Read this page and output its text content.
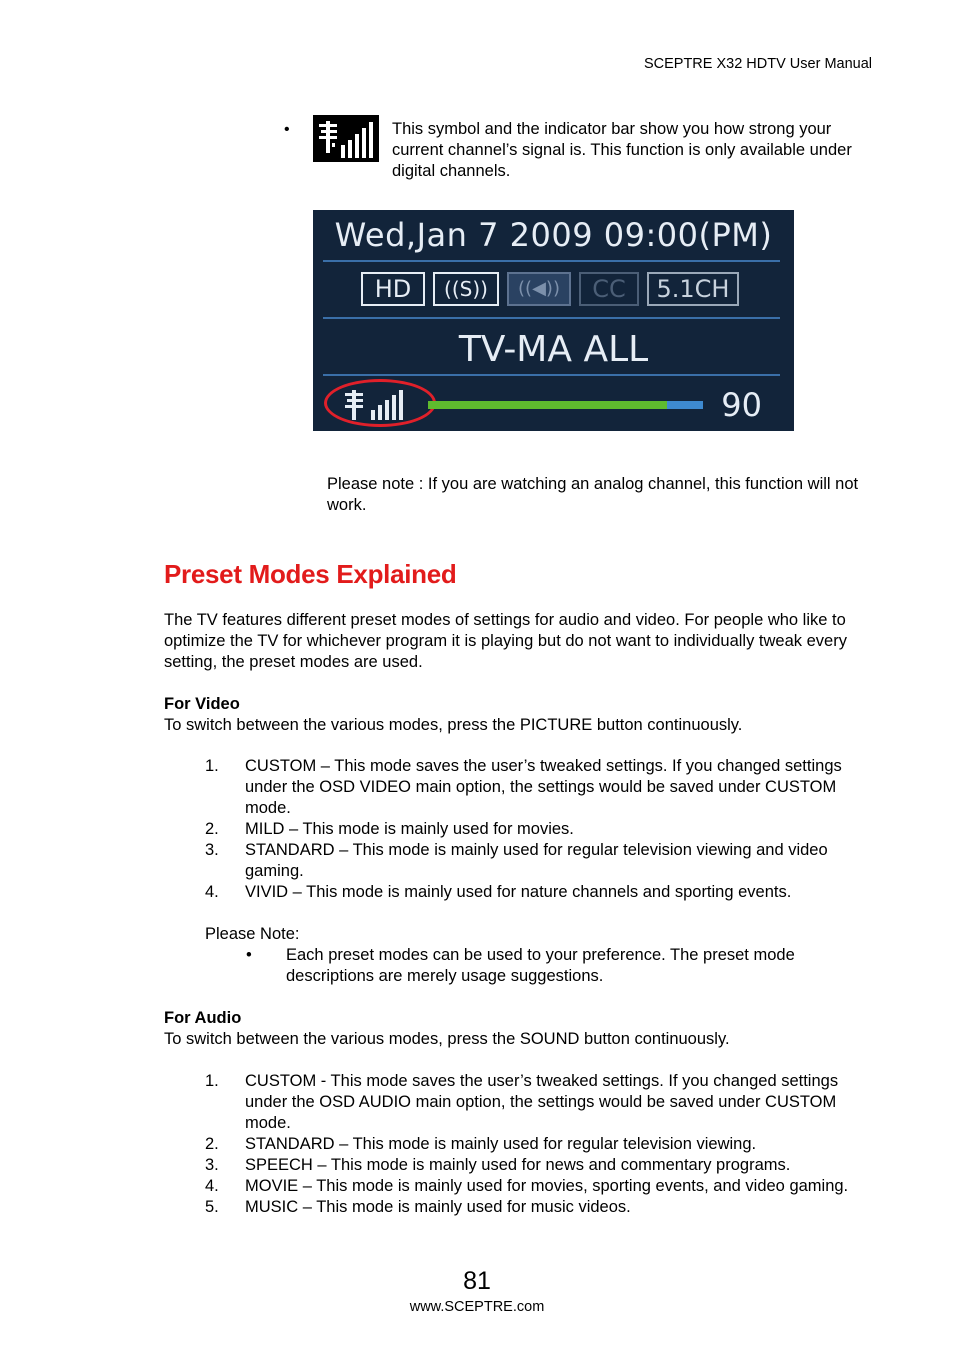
SCEPTRE X32 HDTV User Manual
•	This symbol and the indicator bar show you how strong your current channel’s signal is. This function is only available under digital channels.
Wed,Jan 7 2009 09:00(PM)
HD	((S))	((◀))	CC	5.1CH
TV-MA ALL
90
Please note : If you are watching an analog channel, this function will not work.
Preset Modes Explained
The TV features different preset modes of settings for audio and video. For people who like to optimize the TV for whichever program it is playing but do not want to individually tweak every setting, the preset modes are used.
For Video
To switch between the various modes, press the PICTURE button continuously.
1. CUSTOM – This mode saves the user’s tweaked settings. If you changed settings under the OSD VIDEO main option, the settings would be saved under CUSTOM mode.
2. MILD – This mode is mainly used for movies.
3. STANDARD – This mode is mainly used for regular television viewing and video gaming.
4. VIVID – This mode is mainly used for nature channels and sporting events.
Please Note:
•	Each preset modes can be used to your preference. The preset mode descriptions are merely usage suggestions.
For Audio
To switch between the various modes, press the SOUND button continuously.
1. CUSTOM - This mode saves the user’s tweaked settings. If you changed settings under the OSD AUDIO main option, the settings would be saved under CUSTOM mode.
2. STANDARD – This mode is mainly used for regular television viewing.
3. SPEECH – This mode is mainly used for news and commentary programs.
4. MOVIE – This mode is mainly used for movies, sporting events, and video gaming.
5. MUSIC – This mode is mainly used for music videos.
81
www.SCEPTRE.com
